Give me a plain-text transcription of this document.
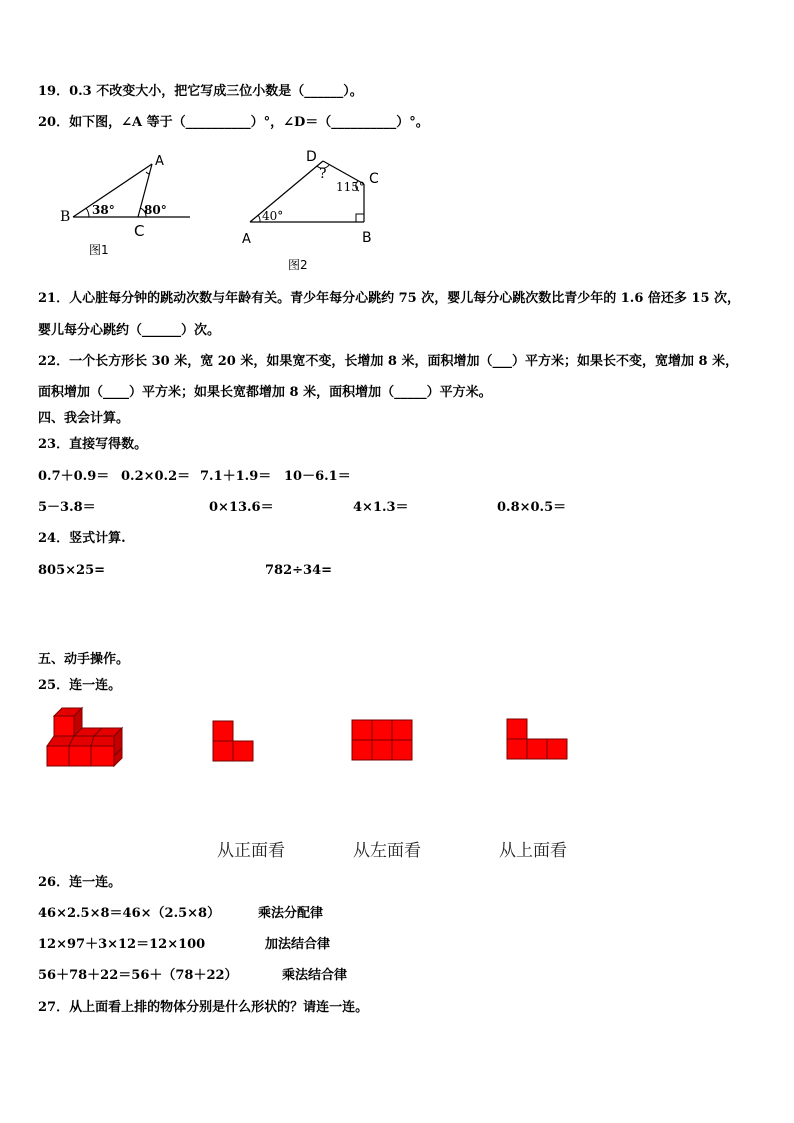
19．0.3 不改变大小，把它写成三位小数是（______）。
20．如下图，∠A 等于（__________）°，∠D＝（__________）°。
B
A
C
38° 80°
图1
D
C
A	B
?
115°
40°
图2
21．人心脏每分钟的跳动次数与年龄有关。青少年每分心跳约 75 次，婴儿每分心跳次数比青少年的 1.6 倍还多 15 次，
婴儿每分心跳约（______）次。
22．一个长方形长 30 米，宽 20 米，如果宽不变，长增加 8 米，面积增加（___）平方米；如果长不变，宽增加 8 米，
面积增加（____）平方米；如果长宽都增加 8 米，面积增加（_____）平方米。
四、我会计算。
23．直接写得数。
0.7＋0.9＝ 0.2×0.2＝ 7.1＋1.9＝ 10－6.1＝
5－3.8＝	0×13.6＝	4×1.3＝	0.8×0.5＝
24．竖式计算.
805×25=	782÷34=
五、动手操作。
25．连一连。
从正面看	从左面看	从上面看
26．连一连。
46×2.5×8＝46×（2.5×8）	乘法分配律
12×97＋3×12＝12×100	加法结合律
56＋78＋22＝56＋（78＋22）	乘法结合律
27．从上面看上排的物体分别是什么形状的？请连一连。
